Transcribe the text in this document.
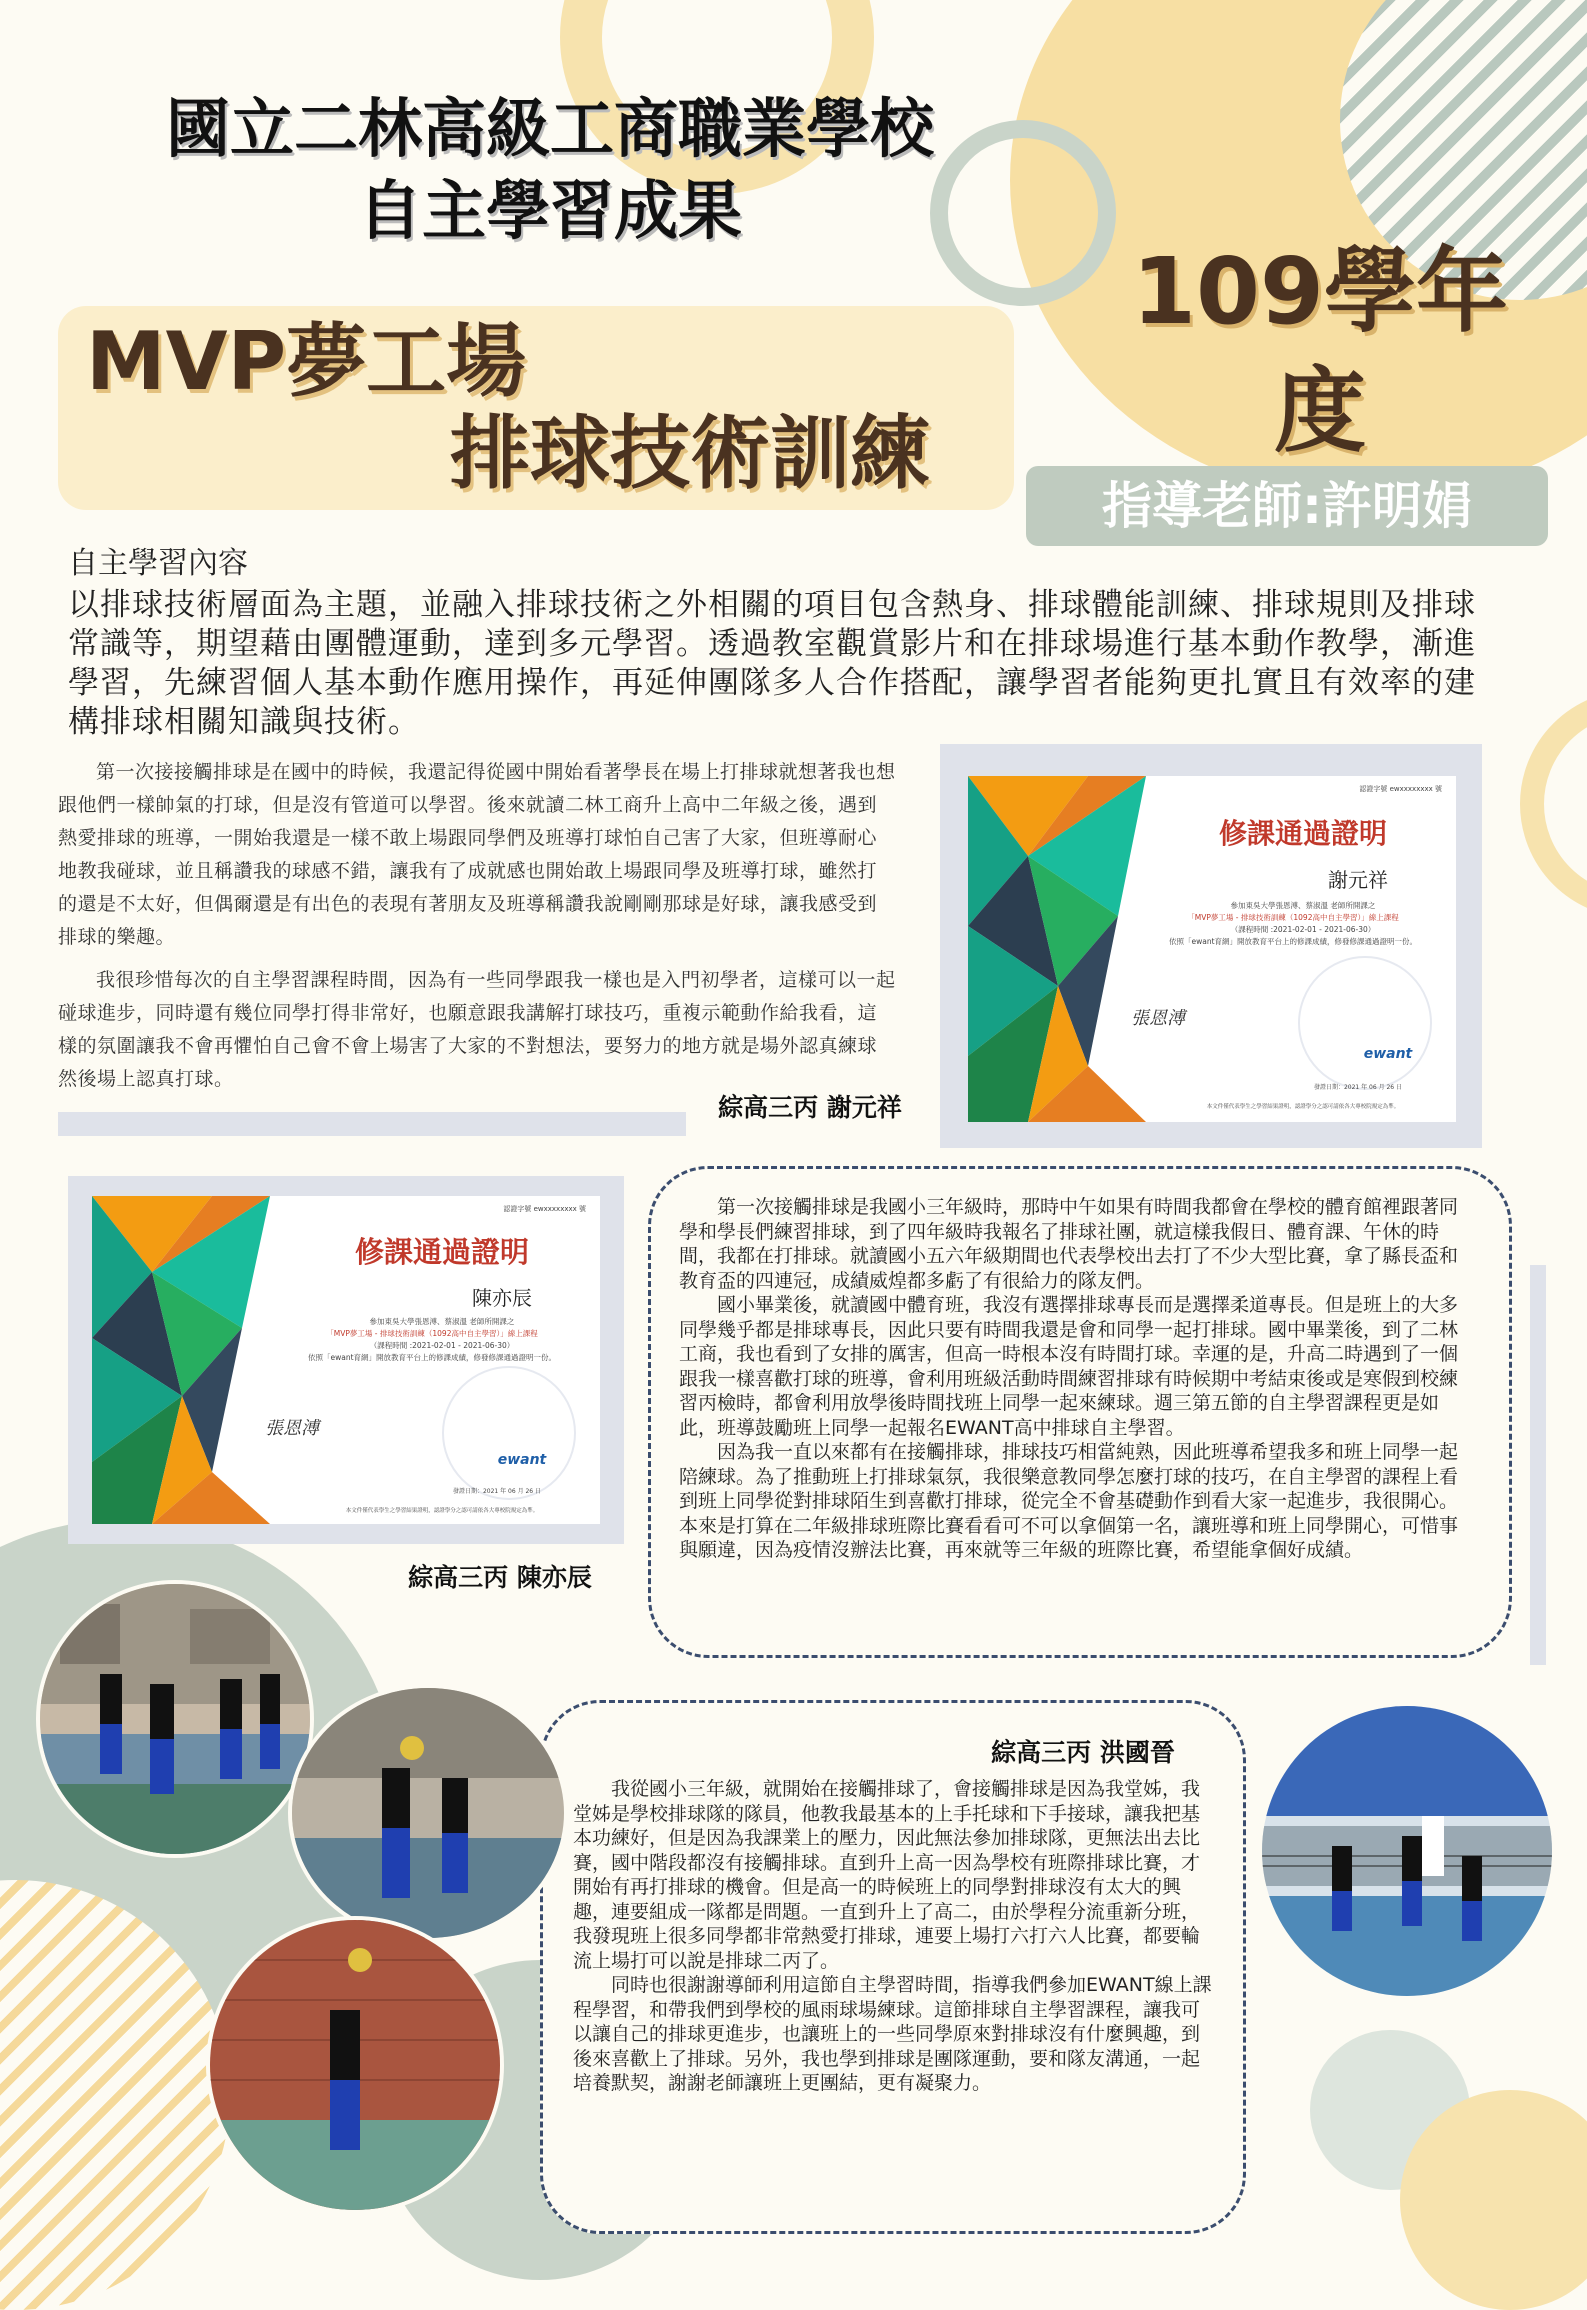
國立二林高級工商職業學校
自主學習成果
109學年度
MVP夢工場
排球技術訓練
指導老師:許明娟
自主學習內容
以排球技術層面為主題，並融入排球技術之外相關的項目包含熱身、排球體能訓練、排球規則及排球常識等，期望藉由團體運動，達到多元學習。透過教室觀賞影片和在排球場進行基本動作教學，漸進學習，先練習個人基本動作應用操作，再延伸團隊多人合作搭配，讓學習者能夠更扎實且有效率的建構排球相關知識與技術。

第一次接接觸排球是在國中的時候，我還記得從國中開始看著學長在場上打排球就想著我也想跟他們一樣帥氣的打球，但是沒有管道可以學習。後來就讀二林工商升上高中二年級之後，遇到熱愛排球的班導，一開始我還是一樣不敢上場跟同學們及班導打球怕自己害了大家，但班導耐心地教我碰球，並且稱讚我的球感不錯，讓我有了成就感也開始敢上場跟同學及班導打球，雖然打的還是不太好，但偶爾還是有出色的表現有著朋友及班導稱讚我說剛剛那球是好球，讓我感受到排球的樂趣。

我很珍惜每次的自主學習課程時間，因為有一些同學跟我一樣也是入門初學者，這樣可以一起碰球進步，同時還有幾位同學打得非常好，也願意跟我講解打球技巧，重複示範動作給我看，這樣的氛圍讓我不會再懼怕自己會不會上場害了大家的不對想法，要努力的地方就是場外認真練球然後場上認真打球。

綜高三丙 謝元祥
認證字號 ewxxxxxxxx 號
修課通過證明
謝元祥
參加東吳大學張恩溥、蔡淑溫 老師所開課之
「MVP夢工場 - 排球技術訓練（1092高中自主學習）」線上課程
（課程時間 :2021-02-01 - 2021-06-30）
依照「ewant育網」開放教育平台上的修課成績，修發修課通過證明一份。
張恩溥
ewant
發證日期：2021 年 06 月 26 日
本文件僅代表學生之學習結果證明，認證學分之認可請依各大專校院規定為準。
認證字號 ewxxxxxxxx 號
修課通過證明
陳亦辰
參加東吳大學張恩溥、蔡淑溫 老師所開課之
「MVP夢工場 - 排球技術訓練（1092高中自主學習）」線上課程
（課程時間 :2021-02-01 - 2021-06-30）
依照「ewant育網」開放教育平台上的修課成績，修發修課通過證明一份。
張恩溥
ewant
發證日期：2021 年 06 月 26 日
本文件僅代表學生之學習結果證明，認證學分之認可請依各大專校院規定為準。
綜高三丙 陳亦辰

第一次接觸排球是我國小三年級時，那時中午如果有時間我都會在學校的體育館裡跟著同學和學長們練習排球，到了四年級時我報名了排球社團，就這樣我假日、體育課、午休的時間，我都在打排球。就讀國小五六年級期間也代表學校出去打了不少大型比賽，拿了縣長盃和教育盃的四連冠，成績威煌都多虧了有很給力的隊友們。

國小畢業後，就讀國中體育班，我沒有選擇排球專長而是選擇柔道專長。但是班上的大多同學幾乎都是排球專長，因此只要有時間我還是會和同學一起打排球。國中畢業後，到了二林工商，我也看到了女排的厲害，但高一時根本沒有時間打球。幸運的是，升高二時遇到了一個跟我一樣喜歡打球的班導，會利用班級活動時間練習排球有時候期中考結束後或是寒假到校練習丙檢時，都會利用放學後時間找班上同學一起來練球。週三第五節的自主學習課程更是如此，班導鼓勵班上同學一起報名EWANT高中排球自主學習。

因為我一直以來都有在接觸排球，排球技巧相當純熟，因此班導希望我多和班上同學一起陪練球。為了推動班上打排球氣氛，我很樂意教同學怎麼打球的技巧，在自主學習的課程上看到班上同學從對排球陌生到喜歡打排球，從完全不會基礎動作到看大家一起進步，我很開心。本來是打算在二年級排球班際比賽看看可不可以拿個第一名，讓班導和班上同學開心，可惜事與願違，因為疫情沒辦法比賽，再來就等三年級的班際比賽，希望能拿個好成績。

綜高三丙 洪國晉

我從國小三年級，就開始在接觸排球了，會接觸排球是因為我堂姊，我堂姊是學校排球隊的隊員，他教我最基本的上手托球和下手接球，讓我把基本功練好，但是因為我課業上的壓力，因此無法參加排球隊，更無法出去比賽，國中階段都沒有接觸排球。直到升上高一因為學校有班際排球比賽，才開始有再打排球的機會。但是高一的時候班上的同學對排球沒有太大的興趣，連要組成一隊都是問題。一直到升上了高二，由於學程分流重新分班，我發現班上很多同學都非常熱愛打排球，連要上場打六打六人比賽，都要輪流上場打可以說是排球二丙了。

同時也很謝謝導師利用這節自主學習時間，指導我們參加EWANT線上課程學習，和帶我們到學校的風雨球場練球。這節排球自主學習課程，讓我可以讓自己的排球更進步，也讓班上的一些同學原來對排球沒有什麼興趣，到後來喜歡上了排球。另外，我也學到排球是團隊運動，要和隊友溝通，一起培養默契，謝謝老師讓班上更團結，更有凝聚力。
